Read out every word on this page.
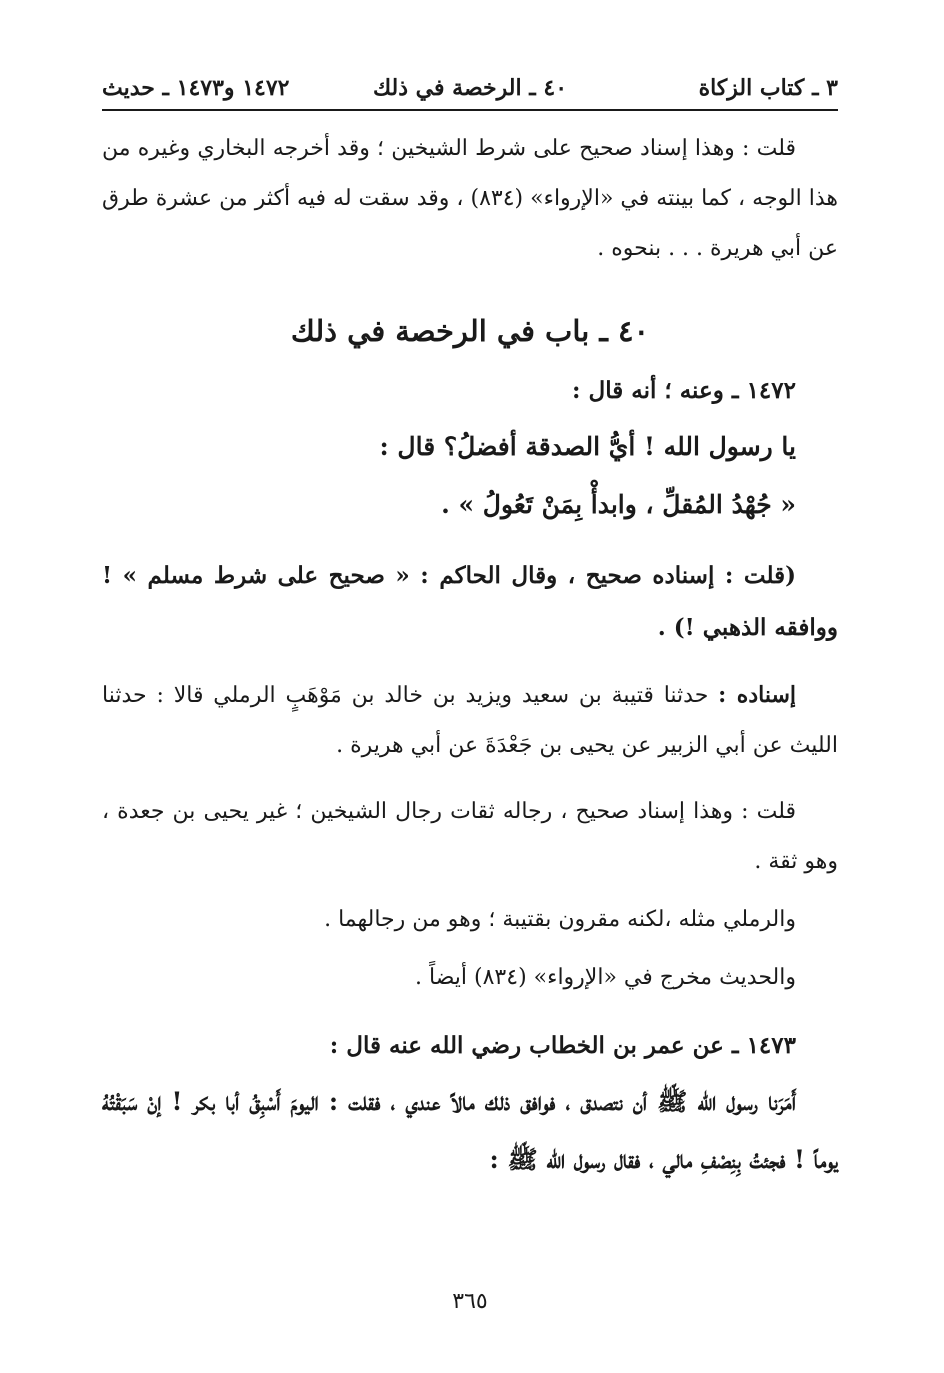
٣ ـ كتاب الزكاة
٤٠ ـ الرخصة في ذلك
١٤٧٢ و١٤٧٣ ـ حديث

قلت : وهذا إسناد صحيح على شرط الشيخين ؛ وقد أخرجه البخاري وغيره من هذا الوجه ، كما بينته في «الإرواء» (٨٣٤) ، وقد سقت له فيه أكثر من عشرة طرق عن أبي هريرة . . . بنحوه .

٤٠ ـ باب في الرخصة في ذلك

١٤٧٢ ـ وعنه ؛ أنه قال :

يا رسول الله ! أيُّ الصدقة أفضلُ؟ قال :

« جُهْدُ المُقلِّ ، وابدأْ بِمَنْ تَعُولُ » .

(قلت : إسناده صحيح ، وقال الحاكم : « صحيح على شرط مسلم » ! ووافقه الذهبي !) .

إسناده : حدثنا قتيبة بن سعيد ويزيد بن خالد بن مَوْهَبٍ الرملي قالا : حدثنا الليث عن أبي الزبير عن يحيى بن جَعْدَةَ عن أبي هريرة .

قلت : وهذا إسناد صحيح ، رجاله ثقات رجال الشيخين ؛ غير يحيى بن جعدة ، وهو ثقة .

والرملي مثله ،لكنه مقرون بقتيبة ؛ وهو من رجالهما .

والحديث مخرج في «الإرواء» (٨٣٤) أيضاً .

١٤٧٣ ـ عن عمر بن الخطاب رضي الله عنه قال :

أَمَرَنا رسول الله ﷺ أن نتصدق ، فوافق ذلك مالاً عندي ، فقلت : اليومَ أَسْبِقُ أبا بكر ! إنْ سَبَقْتُهُ يوماً ! فجئتُ بِنِصْفِ مالي ، فقال رسول الله ﷺ :

٣٦٥
